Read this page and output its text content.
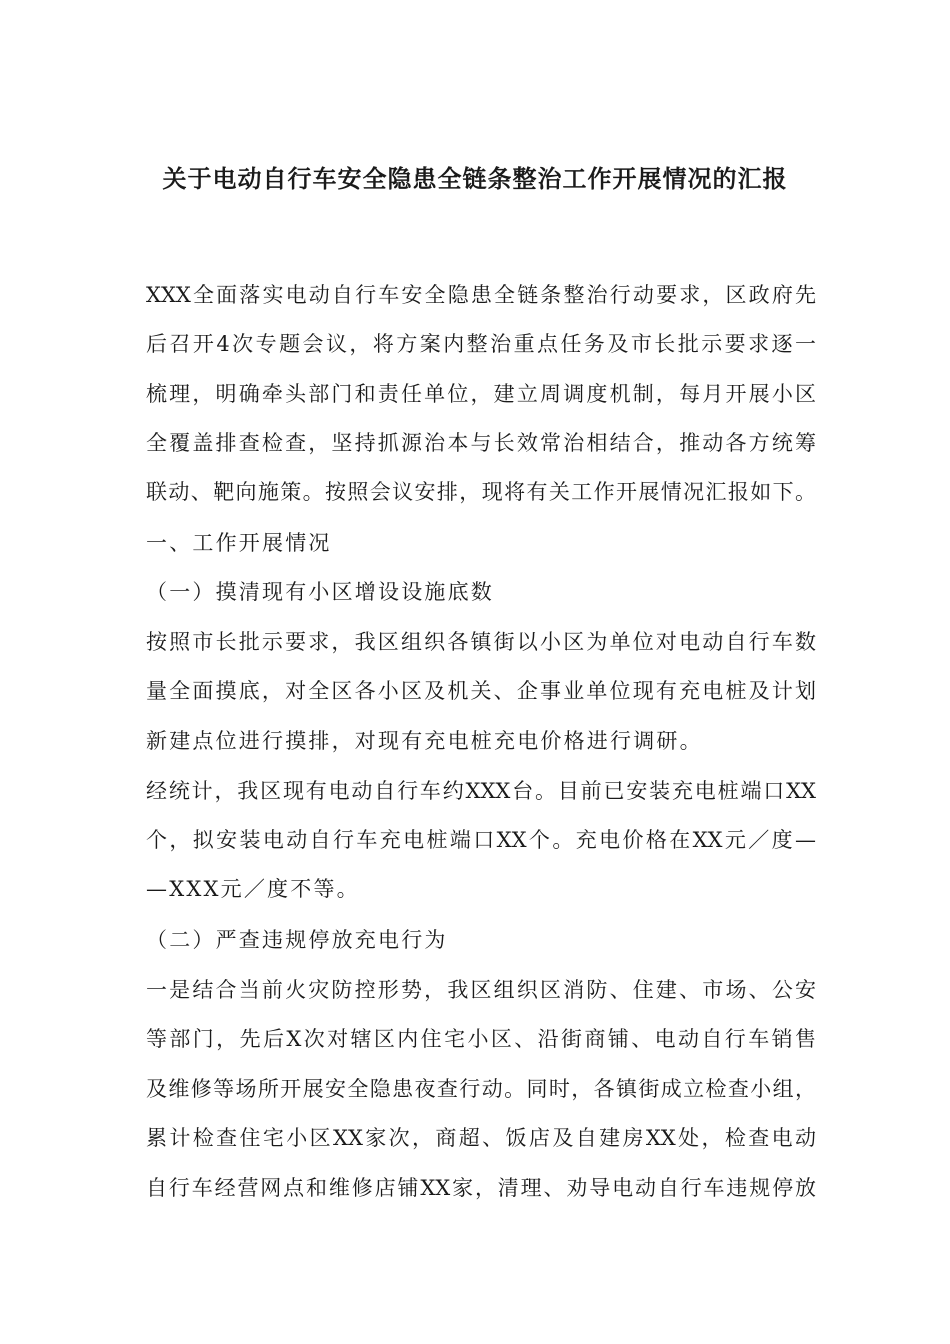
关于电动自行车安全隐患全链条整治工作开展情况的汇报
XXX全面落实电动自行车安全隐患全链条整治行动要求，区政府先
后召开4次专题会议，将方案内整治重点任务及市长批示要求逐一
梳理，明确牵头部门和责任单位，建立周调度机制，每月开展小区
全覆盖排查检查，坚持抓源治本与长效常治相结合，推动各方统筹
联动、靶向施策。按照会议安排，现将有关工作开展情况汇报如下。
一、工作开展情况
（一）摸清现有小区增设设施底数
按照市长批示要求，我区组织各镇街以小区为单位对电动自行车数
量全面摸底，对全区各小区及机关、企事业单位现有充电桩及计划
新建点位进行摸排，对现有充电桩充电价格进行调研。
经统计，我区现有电动自行车约XXX台。目前已安装充电桩端口XX
个，拟安装电动自行车充电桩端口XX个。充电价格在XX元／度—
—XXX元／度不等。
（二）严查违规停放充电行为
一是结合当前火灾防控形势，我区组织区消防、住建、市场、公安
等部门，先后X次对辖区内住宅小区、沿街商铺、电动自行车销售
及维修等场所开展安全隐患夜查行动。同时，各镇街成立检查小组，
累计检查住宅小区XX家次，商超、饭店及自建房XX处，检查电动
自行车经营网点和维修店铺XX家，清理、劝导电动自行车违规停放
